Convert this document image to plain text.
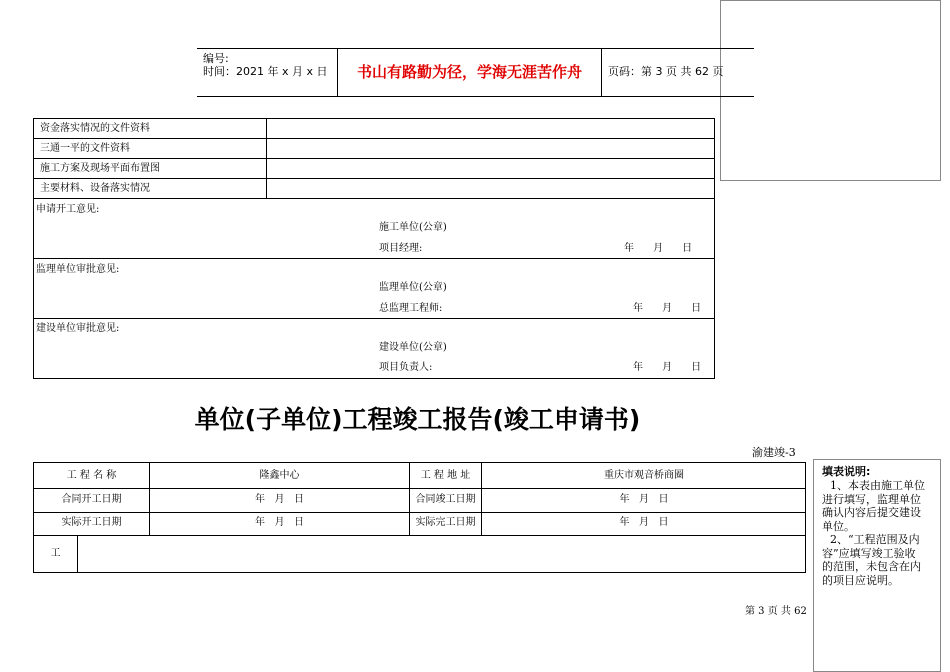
编号:
时间：2021 年 x 月 x 日	书山有路勤为径，学海无涯苦作舟	页码：第 3 页 共 62 页
资金落实情况的文件资料
三通一平的文件资料
施工方案及现场平面布置图
主要材料、设备落实情况
申请开工意见:
施工单位(公章)
项目经理:	年      月      日
监理单位审批意见:
监理单位(公章)
总监理工程师:	年      月      日
建设单位审批意见:
建设单位(公章)
项目负责人:	年      月      日
单位(子单位)工程竣工报告(竣工申请书)
渝建竣-3
工 程 名 称	隆鑫中心	工 程 地 址	重庆市观音桥商圈
合同开工日期	年   月   日	合同竣工日期	年   月   日
实际开工日期	年   月   日	实际完工日期	年   月   日
工
第 3 页 共 62
填表说明:
1、本表由施工单位
进行填写，监理单位
确认内容后提交建设
单位。
2、“工程范围及内
容”应填写竣工验收
的范围，未包含在内
的项目应说明。
